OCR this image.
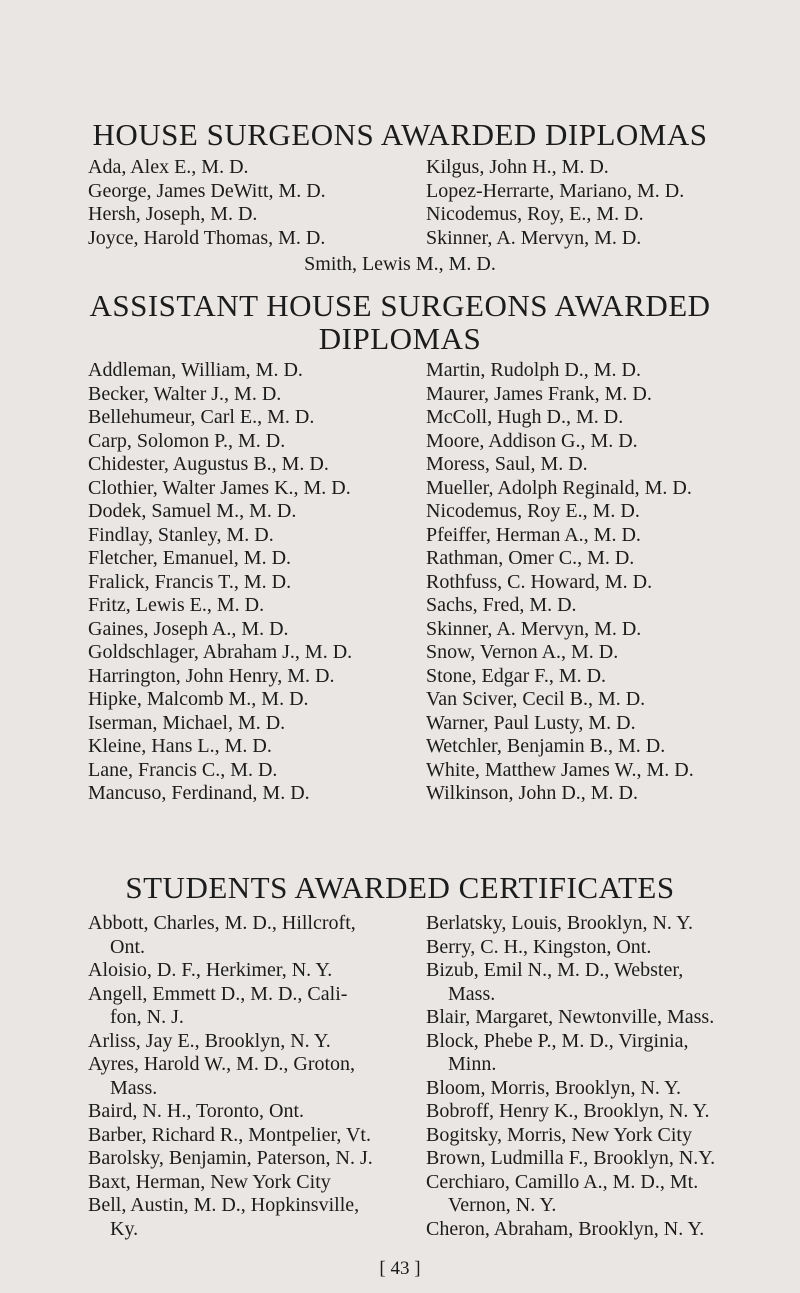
HOUSE SURGEONS AWARDED DIPLOMAS
Ada, Alex E., M. D.
George, James DeWitt, M. D.
Hersh, Joseph, M. D.
Joyce, Harold Thomas, M. D.
Kilgus, John H., M. D.
Lopez-Herrarte, Mariano, M. D.
Nicodemus, Roy, E., M. D.
Skinner, A. Mervyn, M. D.
Smith, Lewis M., M. D.
ASSISTANT HOUSE SURGEONS AWARDED
DIPLOMAS
Addleman, William, M. D.
Becker, Walter J., M. D.
Bellehumeur, Carl E., M. D.
Carp, Solomon P., M. D.
Chidester, Augustus B., M. D.
Clothier, Walter James K., M. D.
Dodek, Samuel M., M. D.
Findlay, Stanley, M. D.
Fletcher, Emanuel, M. D.
Fralick, Francis T., M. D.
Fritz, Lewis E., M. D.
Gaines, Joseph A., M. D.
Goldschlager, Abraham J., M. D.
Harrington, John Henry, M. D.
Hipke, Malcomb M., M. D.
Iserman, Michael, M. D.
Kleine, Hans L., M. D.
Lane, Francis C., M. D.
Mancuso, Ferdinand, M. D.
Martin, Rudolph D., M. D.
Maurer, James Frank, M. D.
McColl, Hugh D., M. D.
Moore, Addison G., M. D.
Moress, Saul, M. D.
Mueller, Adolph Reginald, M. D.
Nicodemus, Roy E., M. D.
Pfeiffer, Herman A., M. D.
Rathman, Omer C., M. D.
Rothfuss, C. Howard, M. D.
Sachs, Fred, M. D.
Skinner, A. Mervyn, M. D.
Snow, Vernon A., M. D.
Stone, Edgar F., M. D.
Van Sciver, Cecil B., M. D.
Warner, Paul Lusty, M. D.
Wetchler, Benjamin B., M. D.
White, Matthew James W., M. D.
Wilkinson, John D., M. D.
STUDENTS AWARDED CERTIFICATES
Abbott, Charles, M. D., Hillcroft,
Ont.
Aloisio, D. F., Herkimer, N. Y.
Angell, Emmett D., M. D., Cali-
fon, N. J.
Arliss, Jay E., Brooklyn, N. Y.
Ayres, Harold W., M. D., Groton,
Mass.
Baird, N. H., Toronto, Ont.
Barber, Richard R., Montpelier, Vt.
Barolsky, Benjamin, Paterson, N. J.
Baxt, Herman, New York City
Bell, Austin, M. D., Hopkinsville,
Ky.
Berlatsky, Louis, Brooklyn, N. Y.
Berry, C. H., Kingston, Ont.
Bizub, Emil N., M. D., Webster,
Mass.
Blair, Margaret, Newtonville, Mass.
Block, Phebe P., M. D., Virginia,
Minn.
Bloom, Morris, Brooklyn, N. Y.
Bobroff, Henry K., Brooklyn, N. Y.
Bogitsky, Morris, New York City
Brown, Ludmilla F., Brooklyn, N.Y.
Cerchiaro, Camillo A., M. D., Mt.
Vernon, N. Y.
Cheron, Abraham, Brooklyn, N. Y.
[ 43 ]
